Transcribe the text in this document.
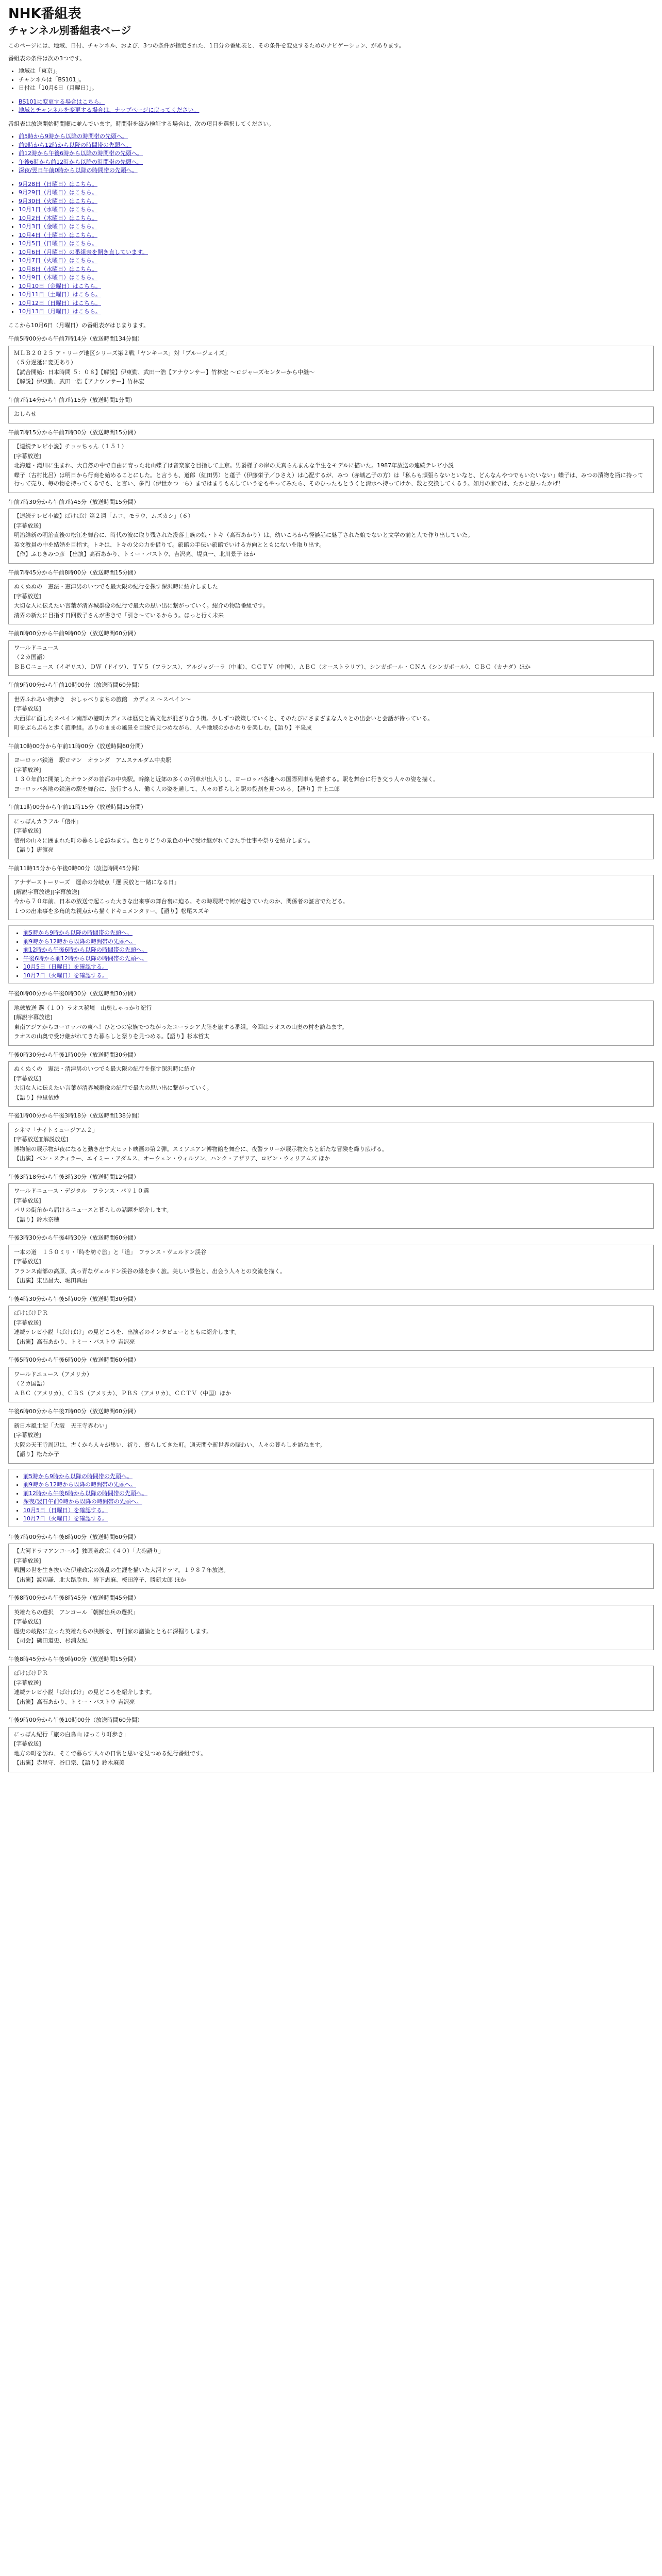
NHK番組表
チャンネル別番組表ページ

このページには、地域、日付、チャンネル、および、3つの条件が指定された、1日分の番組表と、その条件を変更するためのナビゲーション、があります。

番組表の条件は次の3つです。

• 地域は「東京」。
• チャンネルは「BS101」。
• 日付は「10月6日（月曜日）」。
• BS101に変更する場合はこちら。
• 地域とチャンネルを変更する場合は、ナップページに戻ってください。

番組表は放送開始時間順に並んでいます。時間帯を絞み検証する場合は、次の項目を選択してください。

• 前5時から9時から以降の時間帯の先頭へ。
• 前9時から12時から以降の時間帯の先頭へ。
• 前12時から午後6時から以降の時間帯の先頭へ。
• 午後6時から前12時から以降の時間帯の先頭へ。
• 深夜/翌日午前0時から以降の時間帯の先頭へ。
• 9月28日（日曜日）はこちら。
• 9月29日（月曜日）はこちら。
• 9月30日（火曜日）はこちら。
• 10月1日（水曜日）はこちら。
• 10月2日（木曜日）はこちら。
• 10月3日（金曜日）はこちら。
• 10月4日（土曜日）はこちら。
• 10月5日（日曜日）はこちら。
• 10月6日（月曜日）の番組表を開き直しています。
• 10月7日（火曜日）はこちら。
• 10月8日（水曜日）はこちら。
• 10月9日（木曜日）はこちら。
• 10月10日（金曜日）はこちら。
• 10月11日（土曜日）はこちら。
• 10月12日（日曜日）はこちら。
• 10月13日（月曜日）はこちら。

ここから10月6日（月曜日）の番組表がはじまります。

午前5時00分から午前7時14分（放送時間134分間）
ＭＬＢ２０２５ ア・リーグ地区シリーズ第２戦「ヤンキース」対「ブルージェイズ」
（５分遅延に変更あり）
【試合開始：日本時間 ５：０８】【解説】伊東勤、武田一浩【アナウンサー】竹林宏 〜ロジャーズセンターから中継〜
【解説】伊東勤、武田一浩【アナウンサー】竹林宏
午前7時14分から午前7時15分（放送時間1分間）
おしらせ
午前7時15分から午前7時30分（放送時間15分間）
【連続テレビ小説】チョッちゃん（１５１）
[字幕放送]
北海道・滝川に生まれ、大自然の中で自由に育った北山蝶子は音楽家を目指して上京。男爵様子の岸の天真らんまんな半生をモデルに描いた。1987年放送の連続テレビ小説
蝶子（古村比呂）は明日から行商を始めることにした。と言うも、道郎（紅田男）と蓬子（伊藤栄子／ひさえ）は心配するが、みつ（赤城乙子の方）は「私らも頑張らないといなと、どんなんやつでもいたいない」蝶子は、みつの漬物を瓶に持って行って売り、毎の物を持ってくるでも、と言い、多門（伊世かつ一ら）まではまりもんしていうをもやってみたら、そのひったもとうくと清水へ持ってけか、数と交換してくるう。如月の家では、たかと思ったかげ！
午前7時30分から午前7時45分（放送時間15分間）
【連続テレビ小説】ばけばけ 第２週「ムコ、モラウ、ムズカシ」（６）
[字幕放送]
明治維新の明治直後の松江を舞台に、時代の波に取り残された没落士族の娘・トキ（高石あかり）は、幼いころから怪談話に魅了された娘でないと文学の前と人で作り出していた。
英文教員の中を結婚を目指す。トキは、トキの父の力を借りて。旅館の手伝い旅館でいける方向とともにないを取り出す。
【作】ふじきみつ彦 【出演】高石あかり、トミー・バストウ、吉沢亮、堤真一、北川景子 ほか
午前7時45分から午前8時00分（放送時間15分間）
ぬくぬぬの　憲法・憲津男のいつでも最大限の紀行を探す深沢時に紹介しました
[字幕放送]
大切な人に伝えたい言葉が清界城群像の紀行で最大の思い出に繋がっていく。紹介の物語番組です。
清界の新たに目指す日回数子さんが書きで「引き〜ているからう。ほっと行く未来
午前8時00分から午前9時00分（放送時間60分間）
ワールドニュース
（２カ国語）
ＢＢＣニュース（イギリス）、ＤＷ（ドイツ）、ＴＶ５（フランス）、アルジャジーラ（中東）、ＣＣＴＶ（中国）、ＡＢＣ（オーストラリア）、シンガポール・ＣＮＡ（シンガポール）、ＣＢＣ（カナダ）ほか
午前9時00分から午前10時00分（放送時間60分間）
世界ふれあい街歩き　おしゃべりまちの旅館　カディス 〜スペイン〜
[字幕放送]
大西洋に面したスペイン南部の港町カディスは歴史と異文化が混ざり合う街。少しずつ散策していくと、そのたびにさまざまな人々との出会いと会話が待っている。
町をぶらぶらと歩く旅番組。ありのままの風景を目線で見つめながら、人や地域のかかわりを楽しむ。【語り】平泉成
午前10時00分から午前11時00分（放送時間60分間）
ヨーロッパ鉄道　駅ロマン　オランダ　アムステルダム中央駅
[字幕放送]
１３０年前に開業したオランダの首都の中央駅。幹線と近郊の多くの列車が出入りし、ヨーロッパ各地への国際列車も発着する。駅を舞台に行き交う人々の姿を描く。
ヨーロッパ各地の鉄道の駅を舞台に、旅行する人、働く人の姿を通して、人々の暮らしと駅の役割を見つめる。【語り】井上二郎
午前11時00分から午前11時15分（放送時間15分間）
にっぽんカラフル「信州」
[字幕放送]
信州の山々に囲まれた町の暮らしを訪ねます。色とりどりの景色の中で受け継がれてきた手仕事や祭りを紹介します。
【語り】唐渡亮
午前11時15分から午後0時00分（放送時間45分間）
アナザーストーリーズ　運命の分岐点「選 民放と一緒になる日」
[解説字幕放送][字幕放送]
今から７０年前、日本の放送で起こった大きな出来事の舞台裏に迫る。その時現場で何が起きていたのか、関係者の証言でたどる。
１つの出来事を多角的な視点から描くドキュメンタリー。【語り】松尾スズキ
• 前5時から9時から以降の時間帯の先頭へ。
• 前9時から12時から以降の時間帯の先頭へ。
• 前12時から午後6時から以降の時間帯の先頭へ。
• 午後6時から前12時から以降の時間帯の先頭へ。
• 10月5日（日曜日）を確認する。
• 10月7日（火曜日）を確認する。
午後0時00分から午後0時30分（放送時間30分間）
地球放送 選（１０）ラオス秘境　山奥しゃっかり紀行
[解説字幕放送]
東南アジアからヨーロッパの東へ！ひとつの家族でつながったユーラシア大陸を旅する番組。今回はラオスの山奥の村を訪ねます。
ラオスの山奥で受け継がれてきた暮らしと祭りを見つめる。【語り】杉本哲太
午後0時30分から午後1時00分（放送時間30分間）
ぬくぬくの　憲法・清津男のいつでも最大限の紀行を探す深沢時に紹介
[字幕放送]
大切な人に伝えたい言葉が清界城群像の紀行で最大の思い出に繋がっていく。
【語り】仲里依紗
午後1時00分から午後3時18分（放送時間138分間）
シネマ「ナイトミュージアム２」
[字幕放送][解説放送]
博物館の展示物が夜になると動き出す大ヒット映画の第２弾。スミソニアン博物館を舞台に、夜警ラリーが展示物たちと新たな冒険を繰り広げる。
【出演】ベン・スティラー、エイミー・アダムス、オーウェン・ウィルソン、ハンク・アザリア、ロビン・ウィリアムズ ほか
午後3時18分から午後3時30分（放送時間12分間）
ワールドニュース・デジタル　フランス・パリ１０選
[字幕放送]
パリの街角から届けるニュースと暮らしの話題を紹介します。
【語り】鈴木奈穂
午後3時30分から午後4時30分（放送時間60分間）
一本の道　１５０ミリ・「時を紡ぐ旅」と「道」　フランス・ヴェルドン渓谷
[字幕放送]
フランス南部の高原、真っ青なヴェルドン渓谷の縁を歩く旅。美しい景色と、出会う人々との交流を描く。
【出演】東出昌大、堀田真由
午後4時30分から午後5時00分（放送時間30分間）
ばけばけＰＲ
[字幕放送]
連続テレビ小説「ばけばけ」の見どころを、出演者のインタビューとともに紹介します。
【出演】高石あかり、トミー・バストウ 吉沢亮
午後5時00分から午後6時00分（放送時間60分間）
ワールドニュース（アメリカ）
（２カ国語）
ＡＢＣ（アメリカ）、ＣＢＳ（アメリカ）、ＰＢＳ（アメリカ）、ＣＣＴＶ（中国）ほか
午後6時00分から午後7時00分（放送時間60分間）
新日本風土記「大阪　天王寺界わい」
[字幕放送]
大阪の天王寺周辺は、古くから人々が集い、祈り、暮らしてきた町。通天閣や新世界の賑わい、人々の暮らしを訪ねます。
【語り】松たか子
• 前5時から9時から以降の時間帯の先頭へ。
• 前9時から12時から以降の時間帯の先頭へ。
• 前12時から午後6時から以降の時間帯の先頭へ。
• 深夜/翌日午前0時から以降の時間帯の先頭へ。
• 10月5日（日曜日）を確認する。
• 10月7日（火曜日）を確認する。
午後7時00分から午後8時00分（放送時間60分間）
【大河ドラマアンコール】独眼竜政宗（４０）「大砲語り」
[字幕放送]
戦国の世を生き抜いた伊達政宗の波乱の生涯を描いた大河ドラマ。１９８７年放送。
【出演】渡辺謙、北大路欣也、岩下志麻、桜田淳子、勝新太郎 ほか
午後8時00分から午後8時45分（放送時間45分間）
英雄たちの選択　アンコール「朝鮮出兵の選択」
[字幕放送]
歴史の岐路に立った英雄たちの決断を、専門家の議論とともに深掘りします。
【司会】磯田道史、杉浦友紀
午後8時45分から午後9時00分（放送時間15分間）
ばけばけＰＲ
[字幕放送]
連続テレビ小説「ばけばけ」の見どころを紹介します。
【出演】高石あかり、トミー・バストウ 吉沢亮
午後9時00分から午後10時00分（放送時間60分間）
にっぽん紀行「旅の白鳥山 ほっこり町歩き」
[字幕放送]
地方の町を訪ね、そこで暮らす人々の日常と思いを見つめる紀行番組です。
【出演】赤星守、谷口宗、【語り】鈴木麻美
